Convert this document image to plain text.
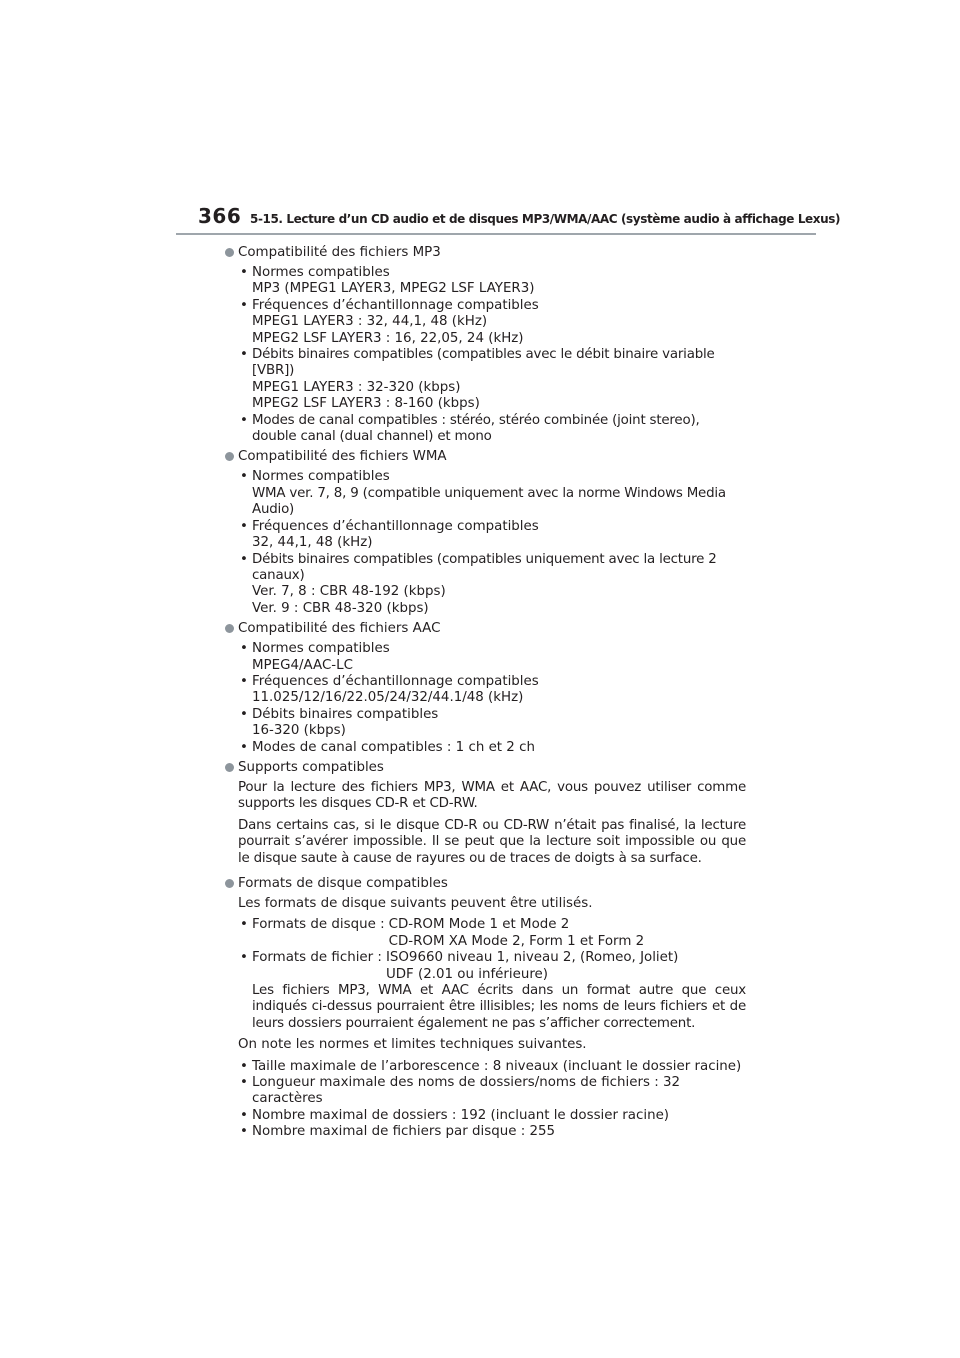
366 5-15. Lecture d’un CD audio et de disques MP3/WMA/AAC (système audio à affichage Lexus)
Compatibilité des fichiers MP3
• Normes compatibles
MP3 (MPEG1 LAYER3, MPEG2 LSF LAYER3)
• Fréquences d’échantillonnage compatibles
MPEG1 LAYER3 : 32, 44,1, 48 (kHz)
MPEG2 LSF LAYER3 : 16, 22,05, 24 (kHz)
• Débits binaires compatibles (compatibles avec le débit binaire variable [VBR])
MPEG1 LAYER3 : 32-320 (kbps)
MPEG2 LSF LAYER3 : 8-160 (kbps)
• Modes de canal compatibles : stéréo, stéréo combinée (joint stereo), double canal (dual channel) et mono
Compatibilité des fichiers WMA
• Normes compatibles
WMA ver. 7, 8, 9 (compatible uniquement avec la norme Windows Media Audio)
• Fréquences d’échantillonnage compatibles
32, 44,1, 48 (kHz)
• Débits binaires compatibles (compatibles uniquement avec la lecture 2 canaux)
Ver. 7, 8 : CBR 48-192 (kbps)
Ver. 9 : CBR 48-320 (kbps)
Compatibilité des fichiers AAC
• Normes compatibles
MPEG4/AAC-LC
• Fréquences d’échantillonnage compatibles
11.025/12/16/22.05/24/32/44.1/48 (kHz)
• Débits binaires compatibles
16-320 (kbps)
• Modes de canal compatibles : 1 ch et 2 ch
Supports compatibles

Pour la lecture des fichiers MP3, WMA et AAC, vous pouvez utiliser comme supports les disques CD-R et CD-RW.

Dans certains cas, si le disque CD-R ou CD-RW n’était pas finalisé, la lecture pourrait s’avérer impossible. Il se peut que la lecture soit impossible ou que le disque saute à cause de rayures ou de traces de doigts à sa surface.

Formats de disque compatibles

Les formats de disque suivants peuvent être utilisés.

• Formats de disque : CD-ROM Mode 1 et Mode 2
CD-ROM XA Mode 2, Form 1 et Form 2
• Formats de fichier : ISO9660 niveau 1, niveau 2, (Romeo, Joliet)
UDF (2.01 ou inférieure)
Les fichiers MP3, WMA et AAC écrits dans un format autre que ceux indiqués ci-dessus pourraient être illisibles; les noms de leurs fichiers et de leurs dossiers pourraient également ne pas s’afficher correctement.

On note les normes et limites techniques suivantes.

• Taille maximale de l’arborescence : 8 niveaux (incluant le dossier racine)
• Longueur maximale des noms de dossiers/noms de fichiers : 32 caractères
• Nombre maximal de dossiers : 192 (incluant le dossier racine)
• Nombre maximal de fichiers par disque : 255
